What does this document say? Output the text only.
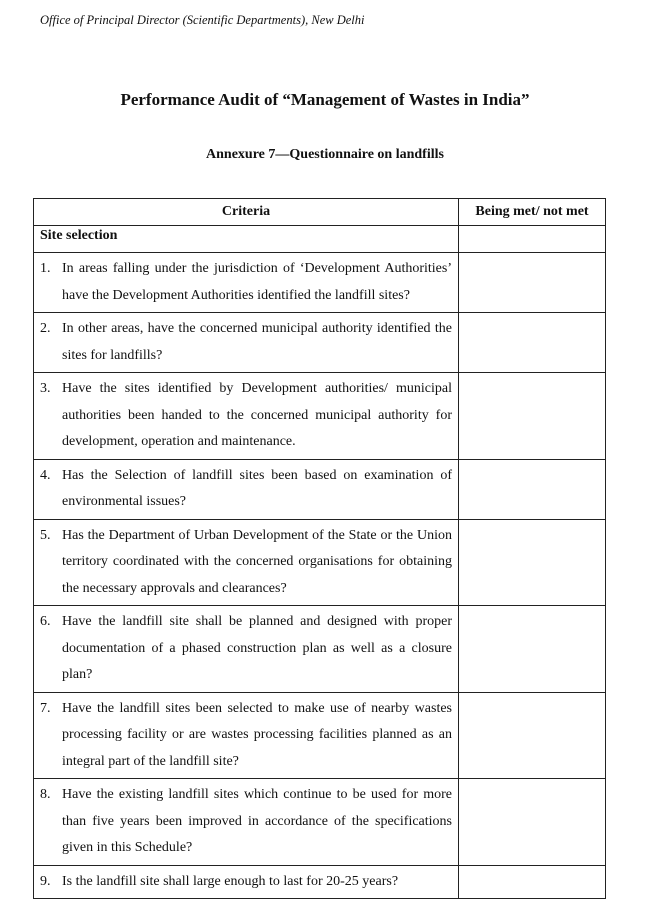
Office of Principal Director (Scientific Departments), New Delhi
Performance Audit of “Management of Wastes in India”
Annexure 7—Questionnaire on landfills
Criteria	Being met/ not met
Site selection	

1. In areas falling under the jurisdiction of ‘Development Authorities’ have the Development Authorities identified the landfill sites?	

2. In other areas, have the concerned municipal authority identified the sites for landfills?	

3. Have the sites identified by Development authorities/ municipal authorities been handed to the concerned municipal authority for development, operation and maintenance.	

4. Has the Selection of landfill sites been based on examination of environmental issues?	

5. Has the Department of Urban Development of the State or the Union territory coordinated with the concerned organisations for obtaining the necessary approvals and clearances?	

6. Have the landfill site shall be planned and designed with proper documentation of a phased construction plan as well as a closure plan?	

7. Have the landfill sites been selected to make use of nearby wastes processing facility or are wastes processing facilities planned as an integral part of the landfill site?	

8. Have the existing landfill sites which continue to be used for more than five years been improved in accordance of the specifications given in this Schedule?	

9. Is the landfill site shall large enough to last for 20-25 years?	
